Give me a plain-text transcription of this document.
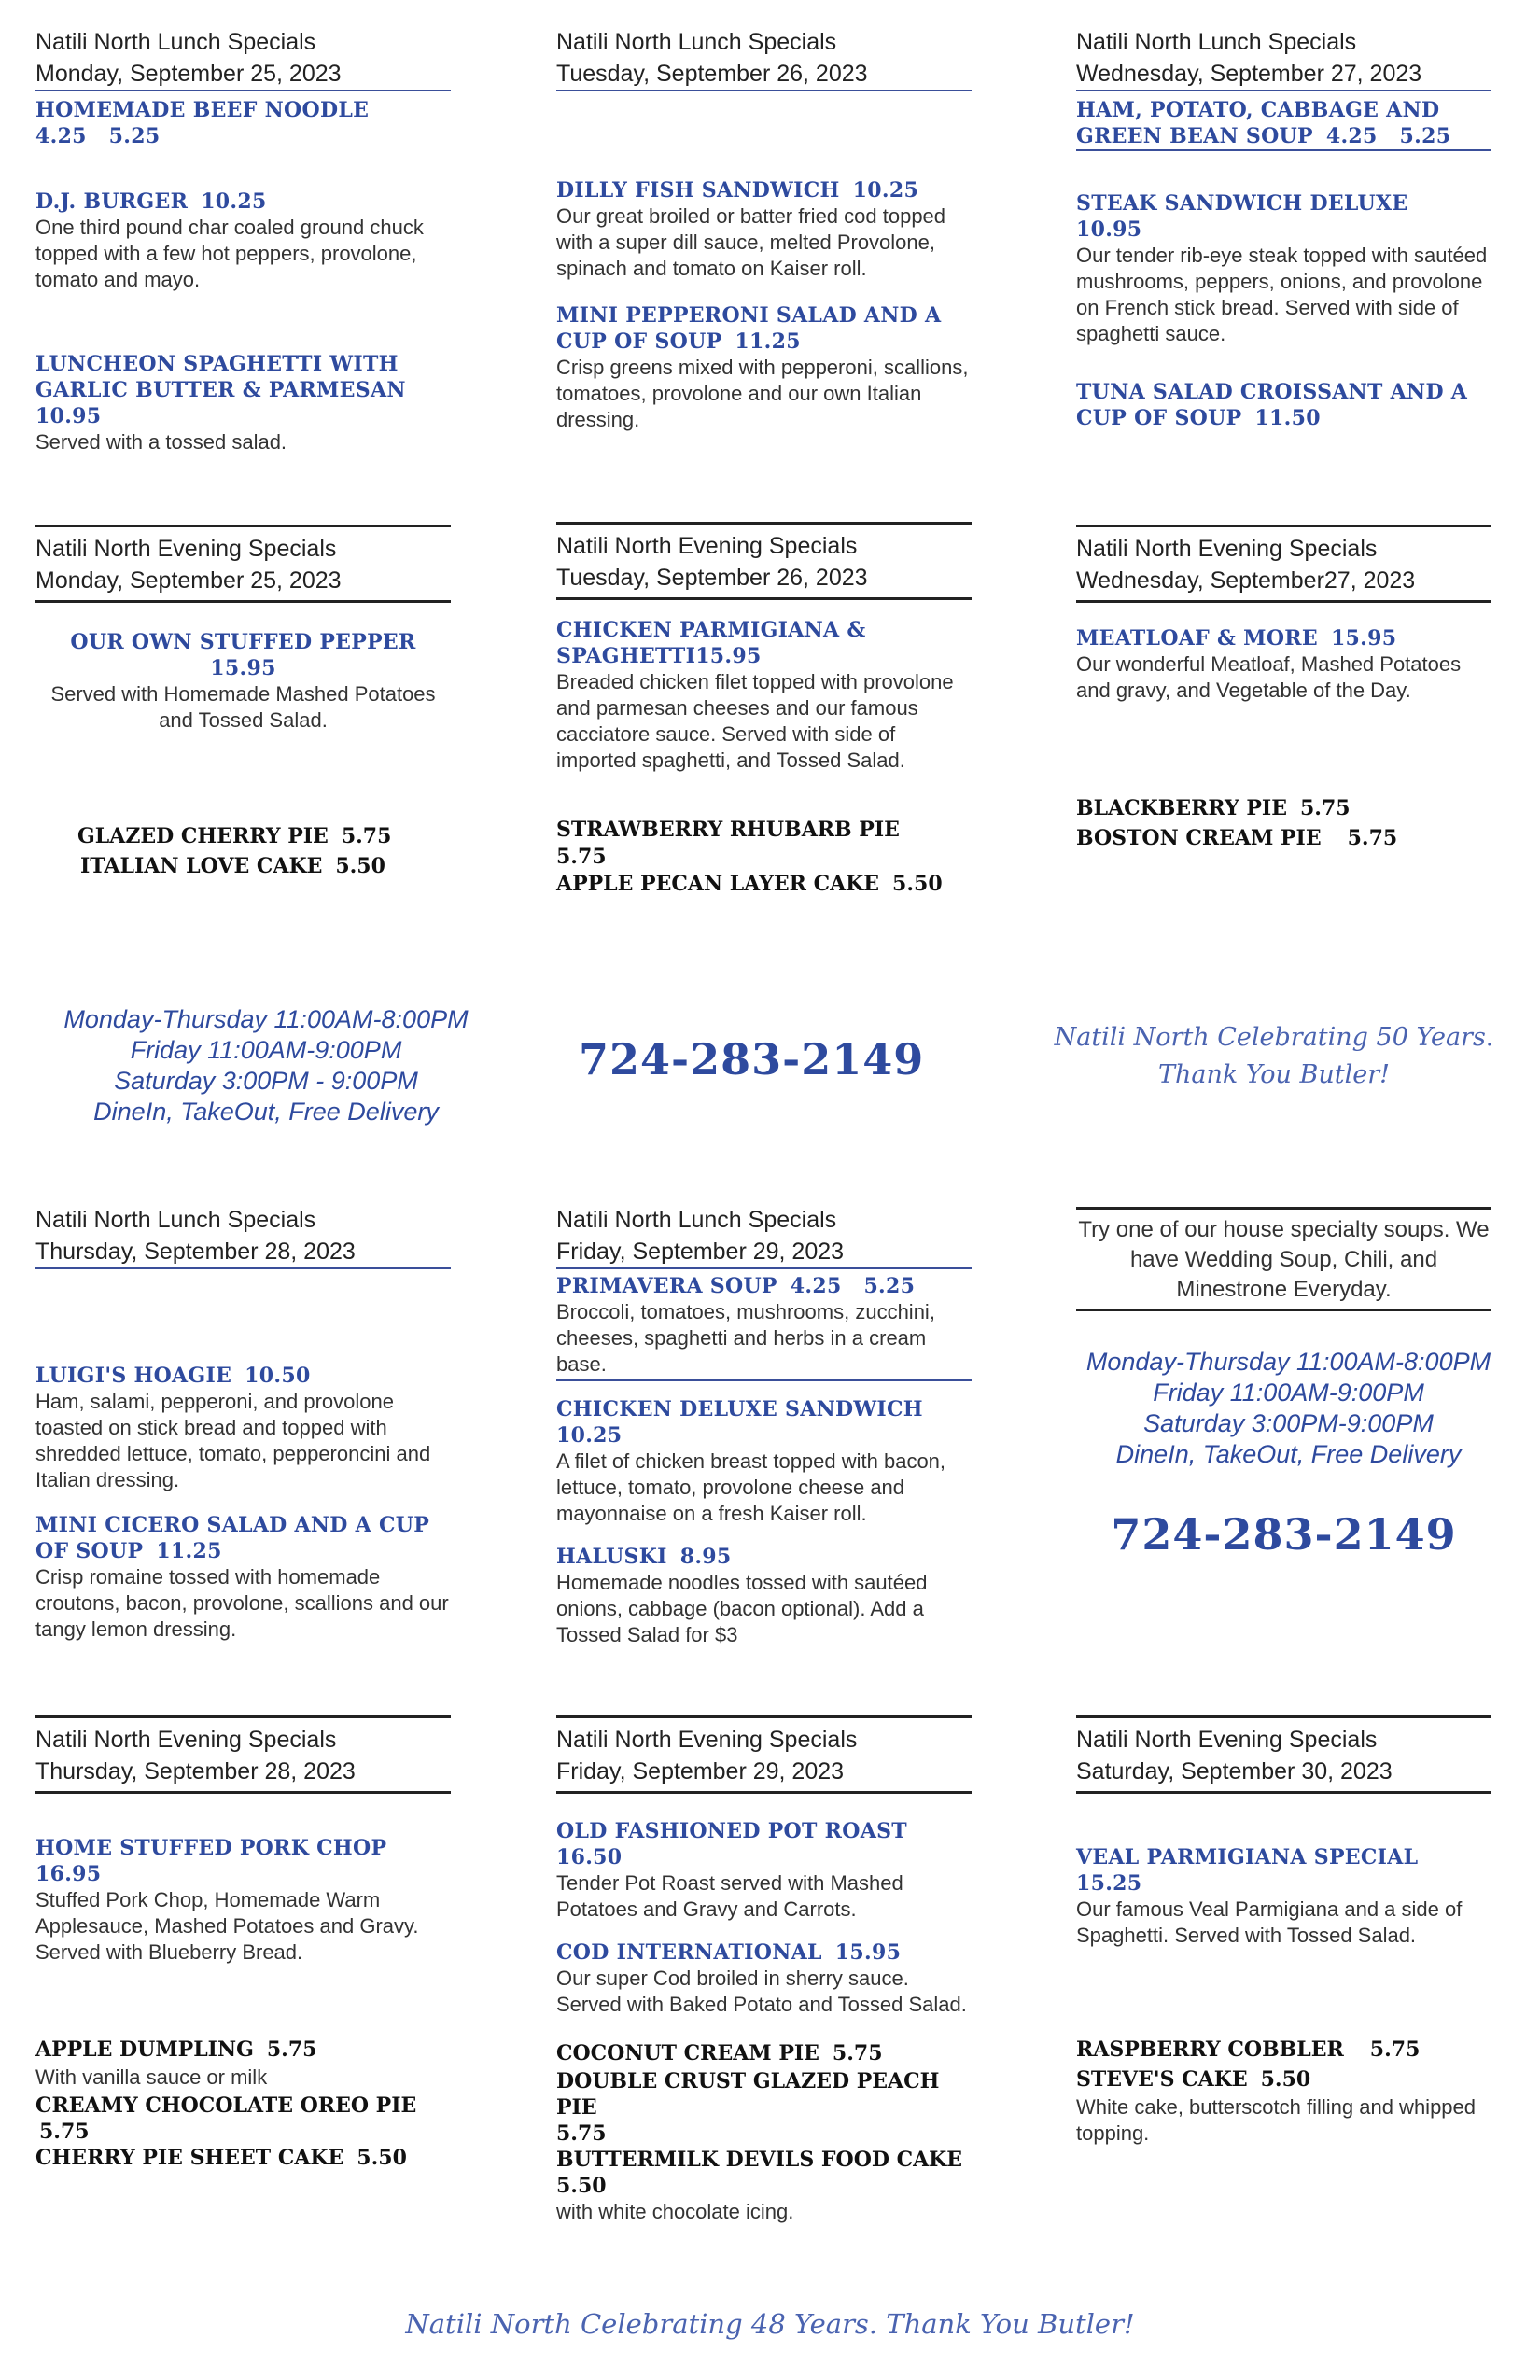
Natili North Lunch Specials
Monday, September 25, 2023
HOMEMADE BEEF NOODLE
4.25   5.25
D.J. BURGER 10.25
One third pound char coaled ground chuck topped with a few hot peppers, provolone, tomato and mayo.
LUNCHEON SPAGHETTI WITH GARLIC BUTTER & PARMESAN
10.95
Served with a tossed salad.
Natili North Lunch Specials
Tuesday, September 26, 2023
DILLY FISH SANDWICH 10.25
Our great broiled or batter fried cod topped with a super dill sauce, melted Provolone, spinach and tomato on Kaiser roll.
MINI PEPPERONI SALAD AND A CUP OF SOUP 11.25
Crisp greens mixed with pepperoni, scallions, tomatoes, provolone and our own Italian dressing.
Natili North Lunch Specials
Wednesday, September 27, 2023
HAM, POTATO, CABBAGE AND GREEN BEAN SOUP 4.25   5.25
STEAK SANDWICH DELUXE
10.95
Our tender rib-eye steak topped with sautéed mushrooms, peppers, onions, and provolone on French stick bread. Served with side of spaghetti sauce.
TUNA SALAD CROISSANT AND A CUP OF SOUP 11.50
Natili North Evening Specials
Monday, September 25, 2023
OUR OWN STUFFED PEPPER
15.95
Served with Homemade Mashed Potatoes and Tossed Salad.
GLAZED CHERRY PIE 5.75
ITALIAN LOVE CAKE 5.50
Natili North Evening Specials
Tuesday, September 26, 2023
CHICKEN PARMIGIANA & SPAGHETTI15.95
Breaded chicken filet topped with provolone and parmesan cheeses and our famous cacciatore sauce. Served with side of imported spaghetti, and Tossed Salad.
STRAWBERRY RHUBARB PIE
5.75
APPLE PECAN LAYER CAKE 5.50
Natili North Evening Specials
Wednesday, September27, 2023
MEATLOAF & MORE 15.95
Our wonderful Meatloaf, Mashed Potatoes and gravy, and Vegetable of the Day.
BLACKBERRY PIE 5.75
BOSTON CREAM PIE 5.75
Monday-Thursday 11:00AM-8:00PM
Friday 11:00AM-9:00PM
Saturday 3:00PM - 9:00PM
DineIn, TakeOut, Free Delivery
724-283-2149	Natili North Celebrating 50 Years.
Thank You Butler!
Natili North Lunch Specials
Thursday, September 28, 2023
LUIGI'S HOAGIE 10.50
Ham, salami, pepperoni, and provolone toasted on stick bread and topped with shredded lettuce, tomato, pepperoncini and Italian dressing.
MINI CICERO SALAD AND A CUP OF SOUP 11.25
Crisp romaine tossed with homemade croutons, bacon, provolone, scallions and our tangy lemon dressing.
Natili North Lunch Specials
Friday, September 29, 2023
PRIMAVERA SOUP 4.25   5.25
Broccoli, tomatoes, mushrooms, zucchini, cheeses, spaghetti and herbs in a cream base.
CHICKEN DELUXE SANDWICH
10.25
A filet of chicken breast topped with bacon, lettuce, tomato, provolone cheese and mayonnaise on a fresh Kaiser roll.
HALUSKI 8.95
Homemade noodles tossed with sautéed onions, cabbage (bacon optional). Add a Tossed Salad for $3
Try one of our house specialty soups. We have Wedding Soup, Chili, and Minestrone Everyday.
Monday-Thursday 11:00AM-8:00PM
Friday 11:00AM-9:00PM
Saturday 3:00PM-9:00PM
DineIn, TakeOut, Free Delivery
724-283-2149
Natili North Evening Specials
Thursday, September 28, 2023
HOME STUFFED PORK CHOP
16.95
Stuffed Pork Chop, Homemade Warm Applesauce, Mashed Potatoes and Gravy. Served with Blueberry Bread.
APPLE DUMPLING 5.75
With vanilla sauce or milk
CREAMY CHOCOLATE OREO PIE
5.75
CHERRY PIE SHEET CAKE 5.50
Natili North Evening Specials
Friday, September 29, 2023
OLD FASHIONED POT ROAST
16.50
Tender Pot Roast served with Mashed Potatoes and Gravy and Carrots.
COD INTERNATIONAL 15.95
Our super Cod broiled in sherry sauce. Served with Baked Potato and Tossed Salad.
COCONUT CREAM PIE 5.75
DOUBLE CRUST GLAZED PEACH PIE
5.75
BUTTERMILK DEVILS FOOD CAKE
5.50
with white chocolate icing.
Natili North Evening Specials
Saturday, September 30, 2023
VEAL PARMIGIANA SPECIAL
15.25
Our famous Veal Parmigiana and a side of Spaghetti. Served with Tossed Salad.
RASPBERRY COBBLER 5.75
STEVE'S CAKE 5.50
White cake, butterscotch filling and whipped topping.
Natili North Celebrating 48 Years. Thank You Butler!
